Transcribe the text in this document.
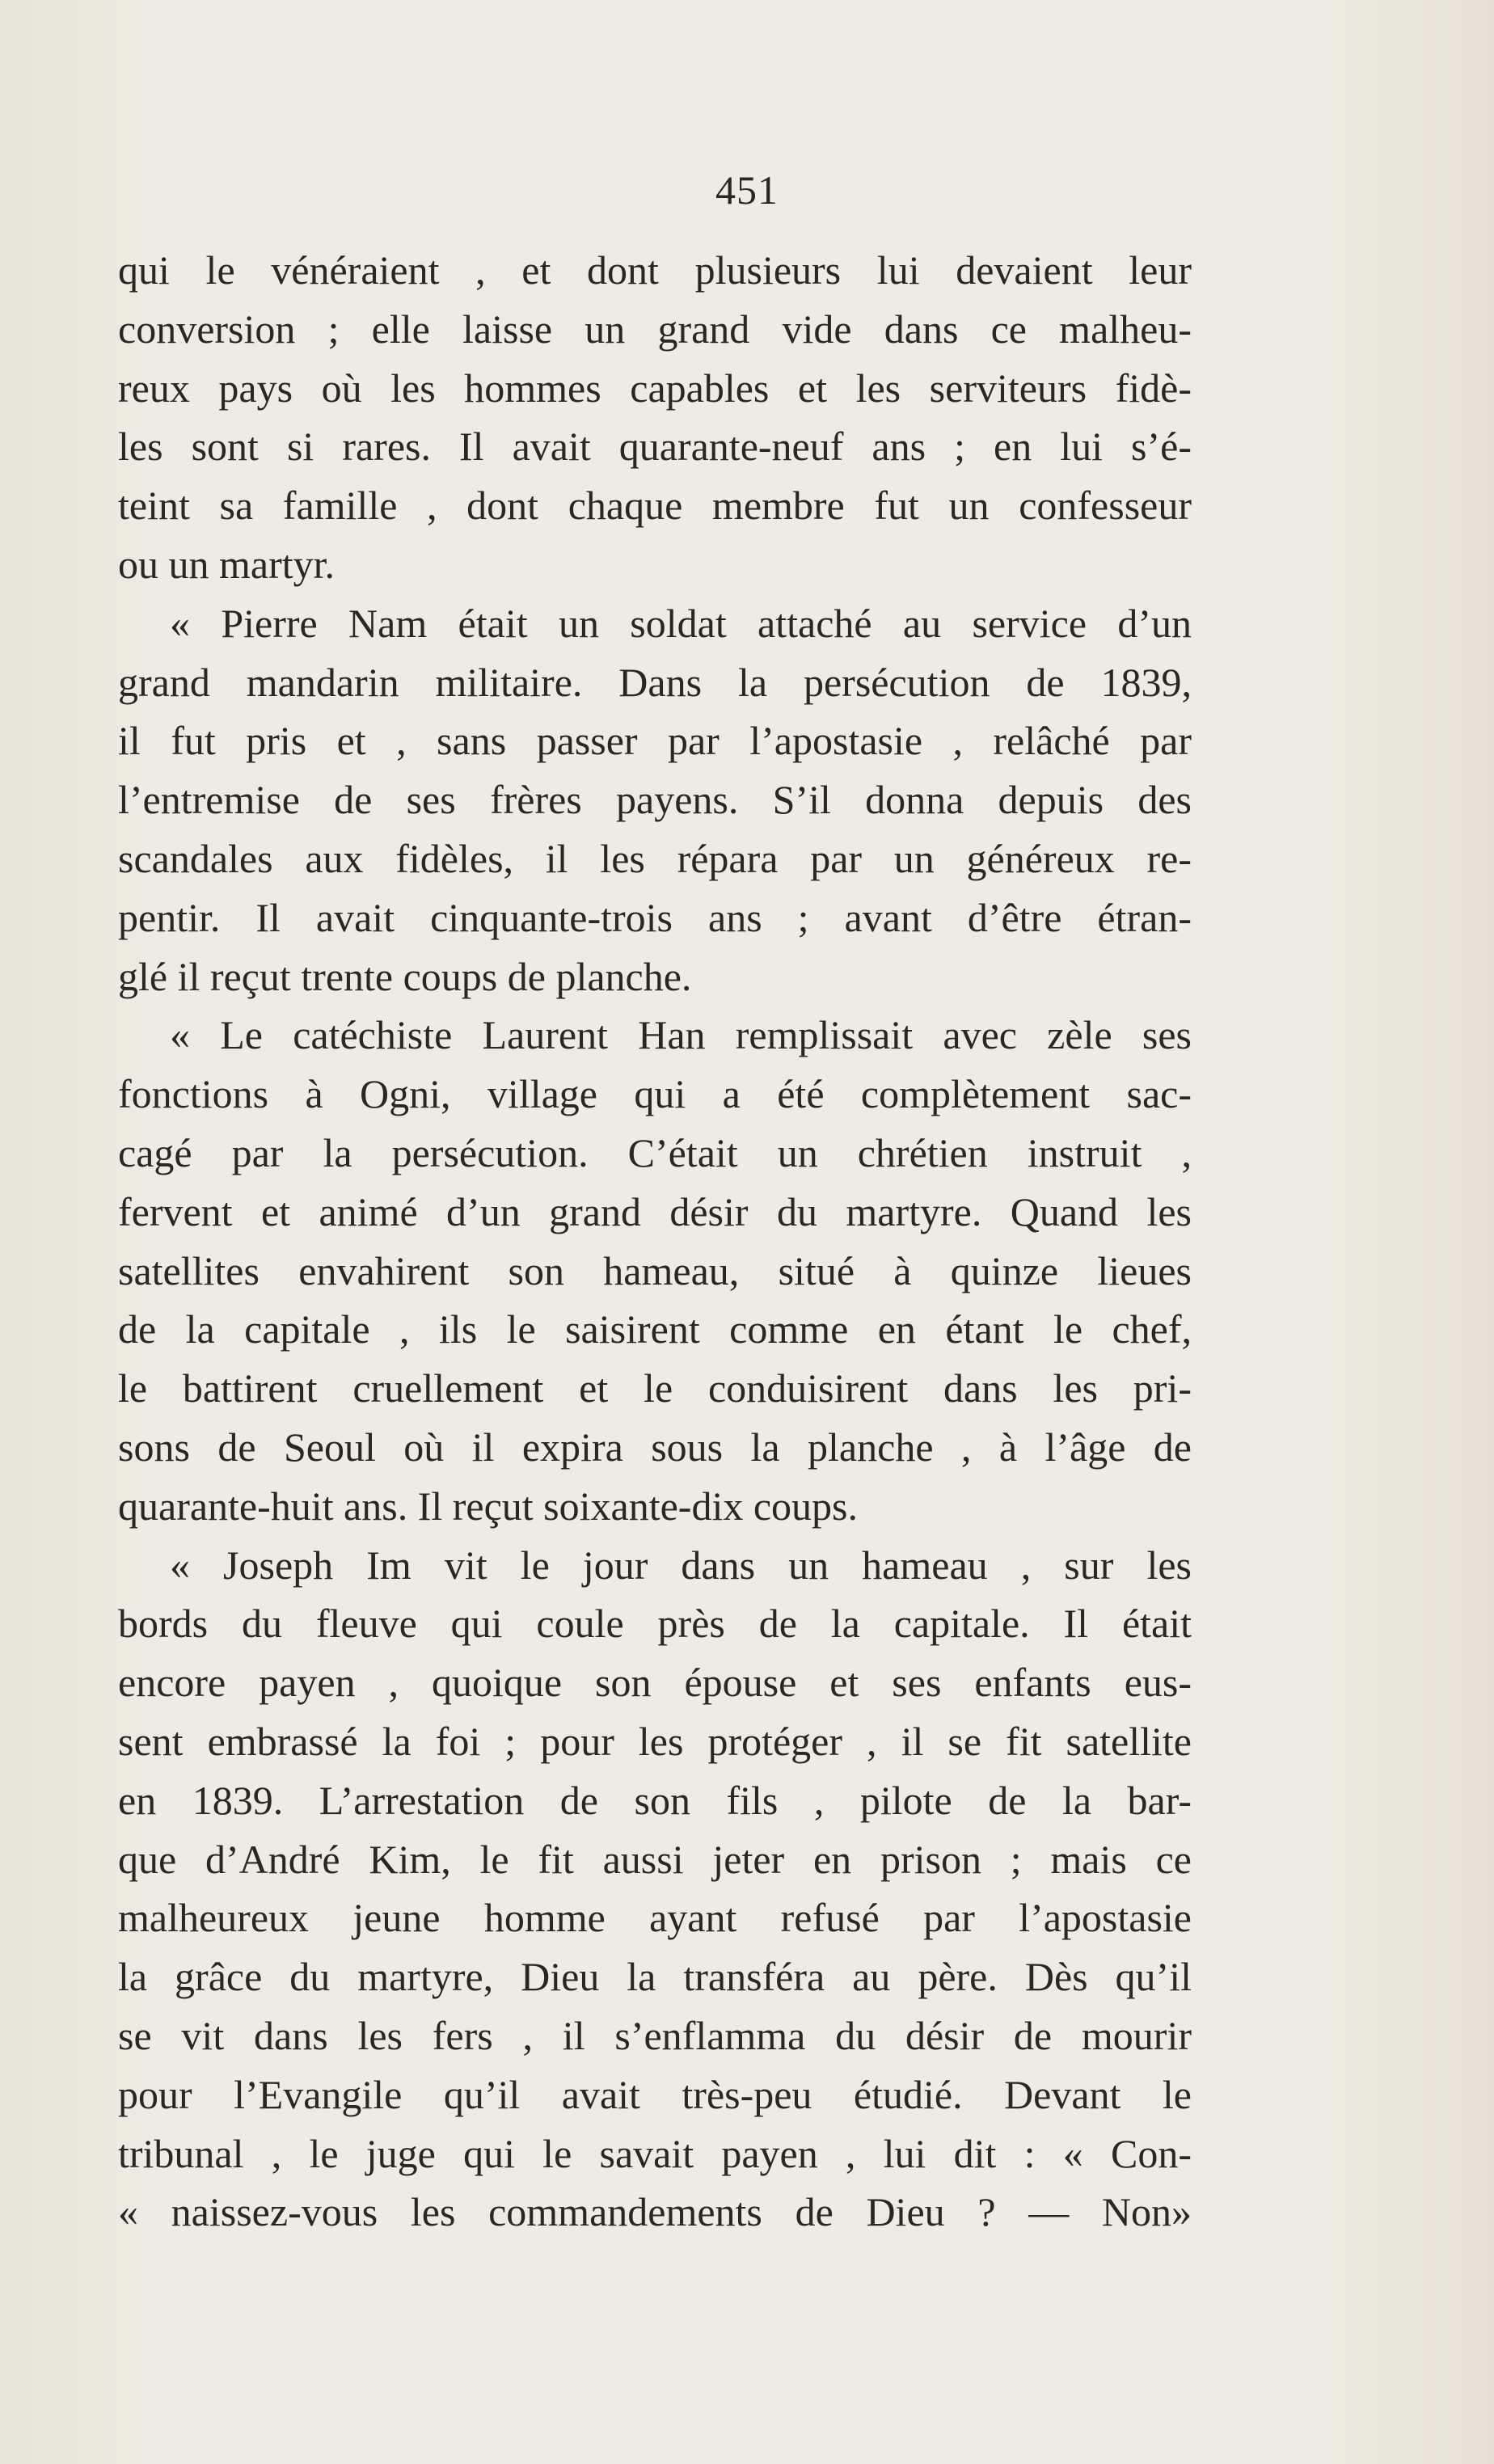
451
qui le vénéraient , et dont plusieurs lui devaient leur
conversion ; elle laisse un grand vide dans ce malheu-
reux pays où les hommes capables et les serviteurs fidè-
les sont si rares. Il avait quarante-neuf ans ; en lui s’é-
teint sa famille , dont chaque membre fut un confesseur
ou un martyr.
« Pierre Nam était un soldat attaché au service d’un
grand mandarin militaire. Dans la persécution de 1839,
il fut pris et , sans passer par l’apostasie , relâché par
l’entremise de ses frères payens. S’il donna depuis des
scandales aux fidèles, il les répara par un généreux re-
pentir. Il avait cinquante-trois ans ; avant d’être étran-
glé il reçut trente coups de planche.
« Le catéchiste Laurent Han remplissait avec zèle ses
fonctions à Ogni, village qui a été complètement sac-
cagé par la persécution. C’était un chrétien instruit ,
fervent et animé d’un grand désir du martyre. Quand les
satellites envahirent son hameau, situé à quinze lieues
de la capitale , ils le saisirent comme en étant le chef,
le battirent cruellement et le conduisirent dans les pri-
sons de Seoul où il expira sous la planche , à l’âge de
quarante-huit ans. Il reçut soixante-dix coups.
« Joseph Im vit le jour dans un hameau , sur les
bords du fleuve qui coule près de la capitale. Il était
encore payen , quoique son épouse et ses enfants eus-
sent embrassé la foi ; pour les protéger , il se fit satellite
en 1839. L’arrestation de son fils , pilote de la bar-
que d’André Kim, le fit aussi jeter en prison ; mais ce
malheureux jeune homme ayant refusé par l’apostasie
la grâce du martyre, Dieu la transféra au père. Dès qu’il
se vit dans les fers , il s’enflamma du désir de mourir
pour l’Evangile qu’il avait très-peu étudié. Devant le
tribunal , le juge qui le savait payen , lui dit : « Con-
« naissez-vous les commandements de Dieu ? — Non»
